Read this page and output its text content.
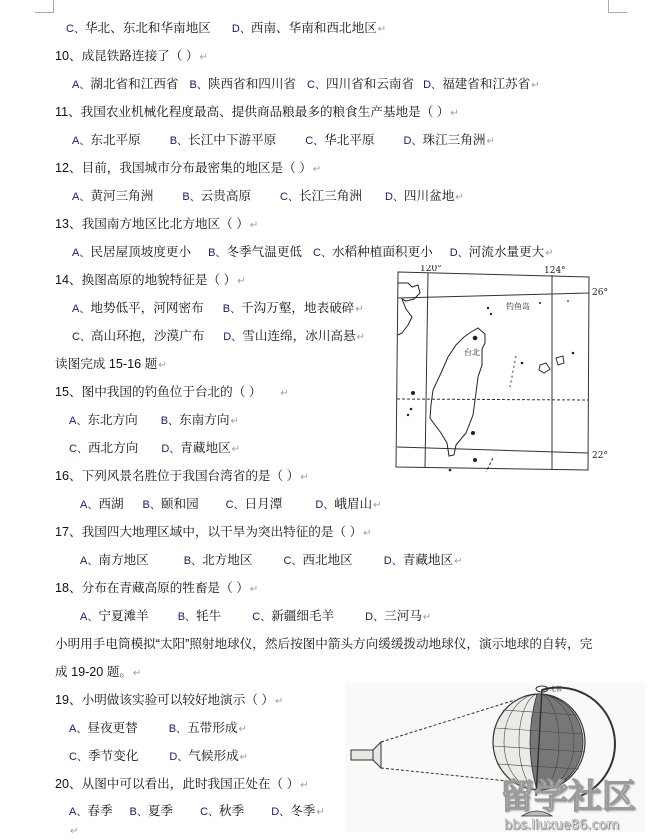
C、华北、东北和华南地区 D、西南、华南和西北地区↵
10、成昆铁路连接了（ ）↵
A、湖北省和江西省 B、陕西省和四川省 C、四川省和云南省 D、福建省和江苏省↵
11、我国农业机械化程度最高、提供商品粮最多的粮食生产基地是（ ）↵
A、东北平原	B、长江中下游平原	C、华北平原	D、珠江三角洲↵
12、目前，我国城市分布最密集的地区是（ ）↵
A、黄河三角洲	B、云贵高原	C、长江三角洲 D、四川盆地↵
13、我国南方地区比北方地区（ ）↵
A、民居屋顶坡度更小 B、冬季气温更低 C、水稻种植面积更小 D、河流水量更大↵
14、换图高原的地貌特征是（ ）↵
A、地势低平，河网密布 B、千沟万壑，地表破碎↵
C、高山环抱，沙漠广布 D、雪山连绵，冰川高悬↵
读图完成 15-16 题↵
15、图中我国的钓鱼位于台北的（ ） ↵
A、东北方向 B、东南方向↵
C、西北方向 D、青藏地区↵
16、下列风景名胜位于我国台湾省的是（ ）↵
A、西湖 B、颐和园 C、日月潭	D、峨眉山↵
17、我国四大地理区域中，以干旱为突出特征的是（ ）↵
A、南方地区	B、北方地区	C、西北地区	D、青藏地区↵
18、分布在青藏高原的牲畜是（ ）↵
A、宁夏滩羊	B、牦牛	C、新疆细毛羊	D、三河马↵
小明用手电筒模拟“太阳”照射地球仪，然后按图中箭头方向缓缓拨动地球仪，演示地球的自转，完
成 19-20 题。↵
19、小明做该实验可以较好地演示（ ）↵
A、昼夜更替	B、五带形成↵
C、季节变化	D、气候形成↵
20、从图中可以看出，此时我国正处在（ ）↵
A、春季 B、夏季 C、秋季 D、冬季↵
↵
120°	124°
26°
22°
钓鱼岛
台北
北极
留学社区
bbs.liuxue86.com
